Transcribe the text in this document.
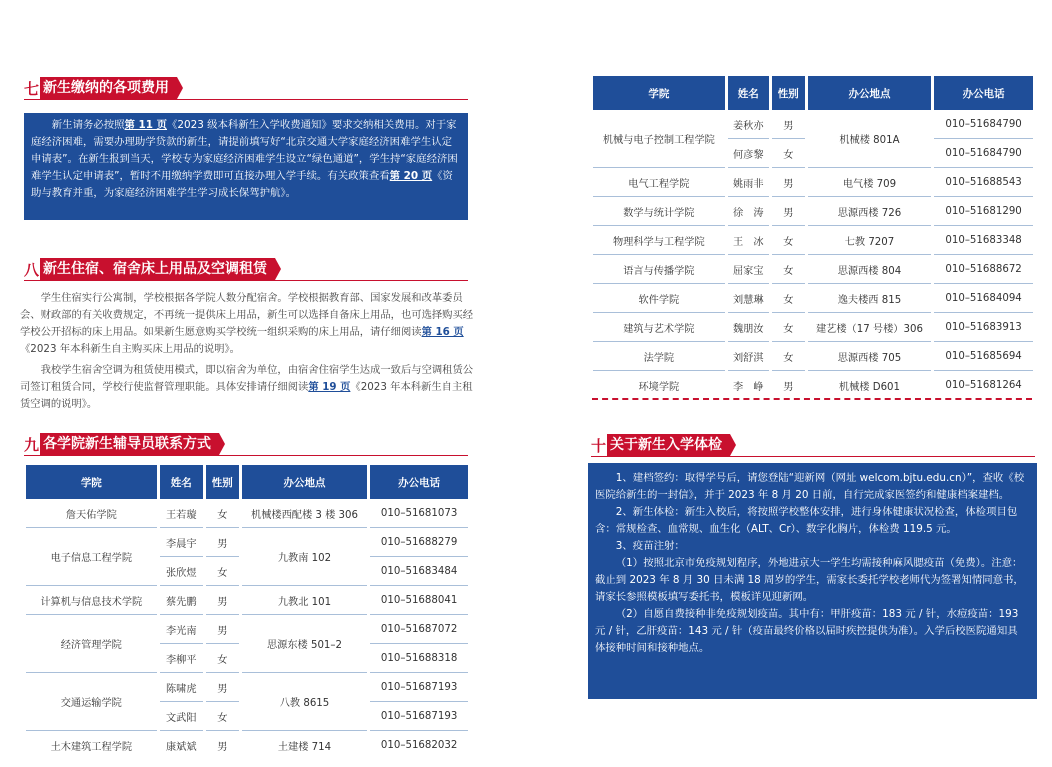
七 新生缴纳的各项费用

新生请务必按照第 11 页《2023 级本科新生入学收费通知》要求交纳相关费用。对于家庭经济困难，需要办理助学贷款的新生，请提前填写好“北京交通大学家庭经济困难学生认定申请表”。在新生报到当天，学校专为家庭经济困难学生设立“绿色通道”，学生持“家庭经济困难学生认定申请表”，暂时不用缴纳学费即可直接办理入学手续。有关政策查看第 20 页《资助与教育并重，为家庭经济困难学生学习成长保驾护航》。

八 新生住宿、宿舍床上用品及空调租赁

学生住宿实行公寓制，学校根据各学院人数分配宿舍。学校根据教育部、国家发展和改革委员会、财政部的有关收费规定，不再统一提供床上用品，新生可以选择自备床上用品，也可选择购买经学校公开招标的床上用品。如果新生愿意购买学校统一组织采购的床上用品，请仔细阅读第 16 页《2023 年本科新生自主购买床上用品的说明》。

我校学生宿舍空调为租赁使用模式，即以宿舍为单位，由宿舍住宿学生达成一致后与空调租赁公司签订租赁合同，学校行使监督管理职能。具体安排请仔细阅读第 19 页《2023 年本科新生自主租赁空调的说明》。

九 各学院新生辅导员联系方式
学院	姓名	性别	办公地点	办公电话
詹天佑学院	王若璇	女	机械楼西配楼 3 楼 306	010–51681073
电子信息工程学院	李晨宇	男	九教南 102	010–51688279
	张欣煜	女		010–51683484
计算机与信息技术学院	蔡先鹏	男	九教北 101	010–51688041
经济管理学院	李光南	男	思源东楼 501–2	010–51687072
	李柳平	女		010–51688318
交通运输学院	陈啸虎	男	八教 8615	010–51687193
	文武阳	女		010–51687193
土木建筑工程学院	康斌斌	男	土建楼 714	010–51682032
学院	姓名	性别	办公地点	办公电话
机械与电子控制工程学院	姜秋亦	男	机械楼 801A	010–51684790
	何彦黎	女		010–51684790
电气工程学院	姚雨非	男	电气楼 709	010–51688543
数学与统计学院	徐　涛	男	思源西楼 726	010–51681290
物理科学与工程学院	王　冰	女	七教 7207	010–51683348
语言与传播学院	屈家宝	女	思源西楼 804	010–51688672
软件学院	刘慧琳	女	逸夫楼西 815	010–51684094
建筑与艺术学院	魏朋汝	女	建艺楼（17 号楼）306	010–51683913
法学院	刘舒淇	女	思源西楼 705	010–51685694
环境学院	李　峥	男	机械楼 D601	010–51681264
十 关于新生入学体检

1、建档签约：取得学号后，请您登陆“迎新网（网址 welcom.bjtu.edu.cn）”，查收《校医院给新生的一封信》，并于 2023 年 8 月 20 日前，自行完成家医签约和健康档案建档。

2、新生体检：新生入校后，将按照学校整体安排，进行身体健康状况检查，体检项目包含：常规检查、血常规、血生化（ALT、Cr）、数字化胸片，体检费 119.5 元。

3、疫苗注射：

（1）按照北京市免疫规划程序，外地进京大一学生均需接种麻风腮疫苗（免费）。注意：截止到 2023 年 8 月 30 日未满 18 周岁的学生，需家长委托学校老师代为签署知情同意书，请家长参照模板填写委托书，模板详见迎新网。

（2）自愿自费接种非免疫规划疫苗。其中有：甲肝疫苗：183 元 / 针，水痘疫苗：193 元 / 针，乙肝疫苗：143 元 / 针（疫苗最终价格以届时疾控提供为准）。入学后校医院通知具体接种时间和接种地点。
